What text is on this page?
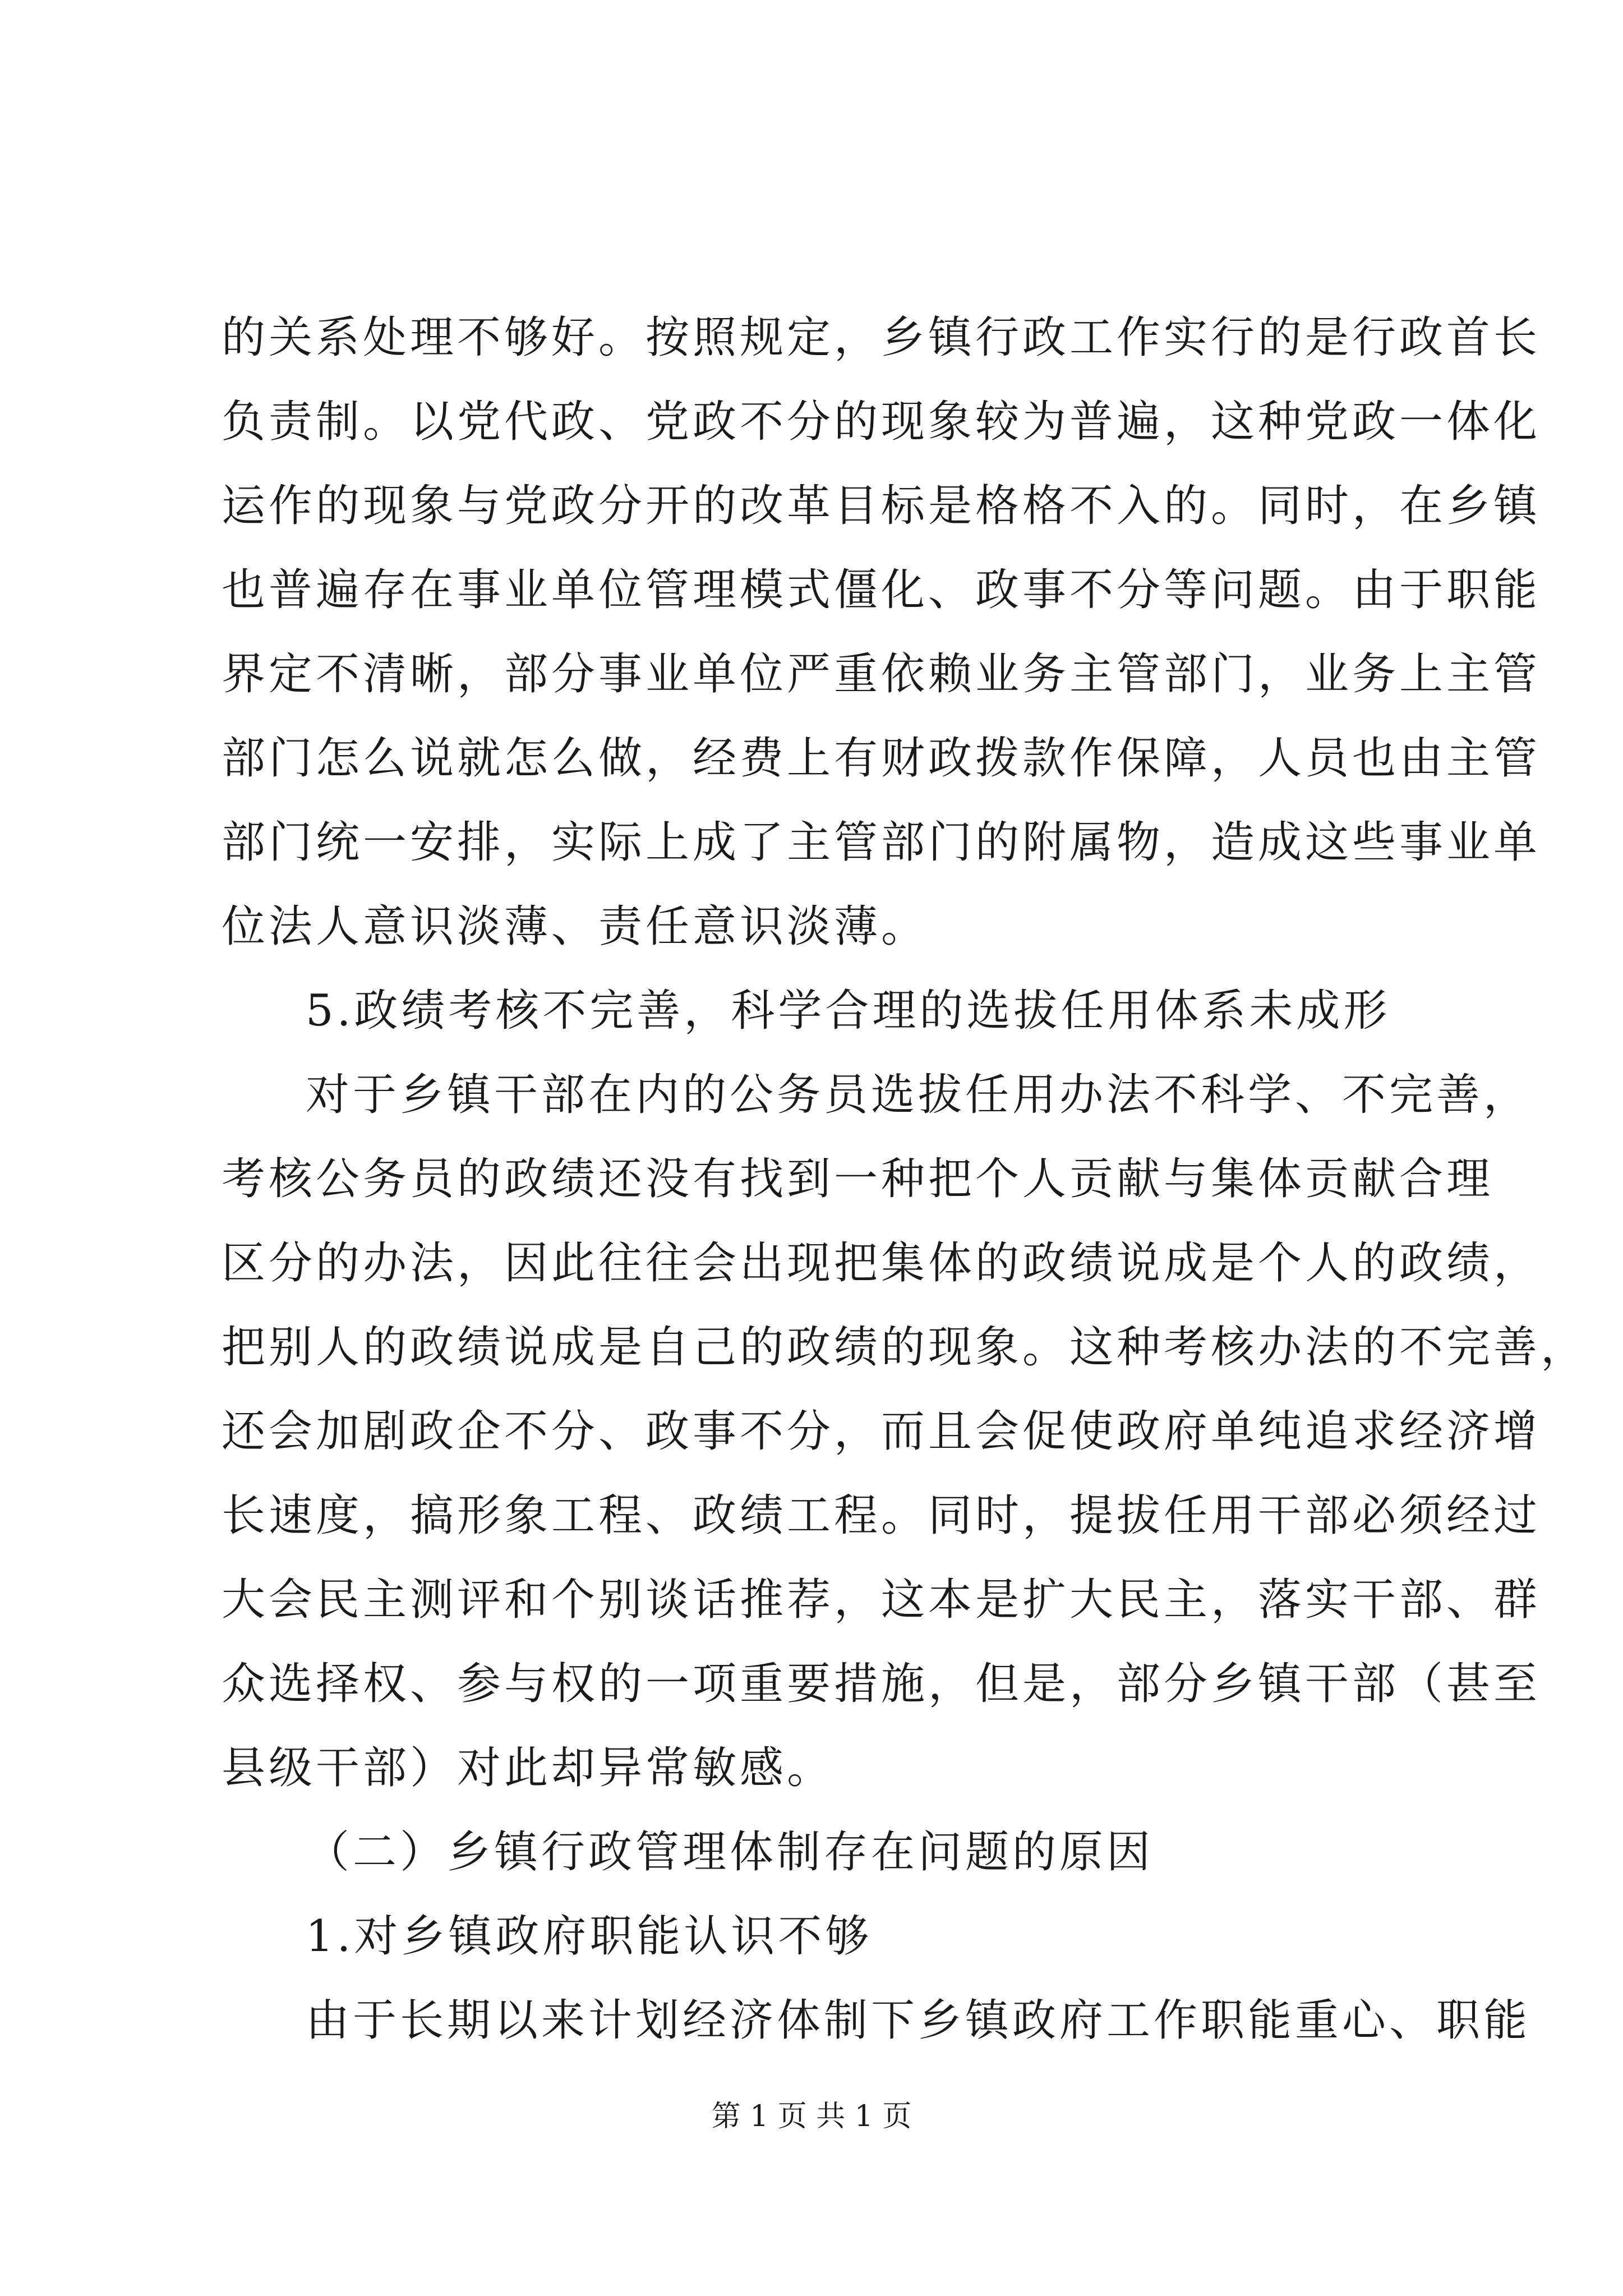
的关系处理不够好。按照规定，乡镇行政工作实行的是行政首长
负责制。以党代政、党政不分的现象较为普遍，这种党政一体化
运作的现象与党政分开的改革目标是格格不入的。同时，在乡镇
也普遍存在事业单位管理模式僵化、政事不分等问题。由于职能
界定不清晰，部分事业单位严重依赖业务主管部门，业务上主管
部门怎么说就怎么做，经费上有财政拨款作保障，人员也由主管
部门统一安排，实际上成了主管部门的附属物，造成这些事业单
位法人意识淡薄、责任意识淡薄。
5.政绩考核不完善，科学合理的选拔任用体系未成形
对于乡镇干部在内的公务员选拔任用办法不科学、不完善，
考核公务员的政绩还没有找到一种把个人贡献与集体贡献合理
区分的办法，因此往往会出现把集体的政绩说成是个人的政绩，
把别人的政绩说成是自己的政绩的现象。这种考核办法的不完善，
还会加剧政企不分、政事不分，而且会促使政府单纯追求经济增
长速度，搞形象工程、政绩工程。同时，提拔任用干部必须经过
大会民主测评和个别谈话推荐，这本是扩大民主，落实干部、群
众选择权、参与权的一项重要措施，但是，部分乡镇干部（甚至
县级干部）对此却异常敏感。
（二）乡镇行政管理体制存在问题的原因
1.对乡镇政府职能认识不够
由于长期以来计划经济体制下乡镇政府工作职能重心、职能
第 1 页 共 1 页
